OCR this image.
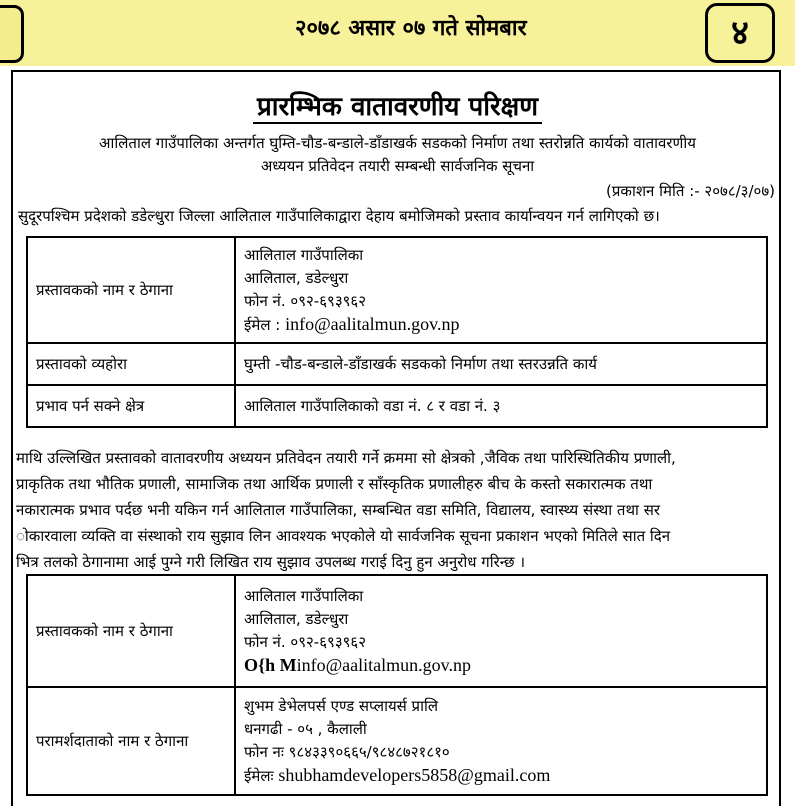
२०७८ असार ०७ गते सोमबार	४
प्रारम्भिक वातावरणीय परिक्षण
आलिताल गाउँपालिका अन्तर्गत घुम्ति-चौड-बन्डाले-डाँडाखर्क सडकको निर्माण तथा स्तरोन्नति कार्यको वातावरणीय
अध्ययन प्रतिवेदन तयारी सम्बन्धी सार्वजनिक सूचना
(प्रकाशन मिति :- २०७८/३/०७)
सुदूरपश्चिम प्रदेशको डडेल्धुरा जिल्ला आलिताल गाउँपालिकाद्वारा देहाय बमोजिमको प्रस्ताव कार्यान्वयन गर्न लागिएको छ।
प्रस्तावकको नाम र ठेगाना	आलिताल गाउँपालिका
आलिताल, डडेल्धुरा
फोन नं. ०९२-६९३९६२
ईमेल : info@aalitalmun.gov.np

प्रस्तावको व्यहोरा	घुम्ती -चौड-बन्डाले-डाँडाखर्क सडकको निर्माण तथा स्तरउन्नति कार्य
प्रभाव पर्न सक्ने क्षेत्र	आलिताल गाउँपालिकाको वडा नं. ८ र वडा नं. ३
माथि उल्लिखित प्रस्तावको वातावरणीय अध्ययन प्रतिवेदन तयारी गर्ने क्रममा सो क्षेत्रको ,जैविक तथा पारिस्थितिकीय प्रणाली,
प्राकृतिक तथा भौतिक प्रणाली, सामाजिक तथा आर्थिक प्रणाली र साँस्कृतिक प्रणालीहरु बीच के कस्तो सकारात्मक तथा
नकारात्मक प्रभाव पर्दछ भनी यकिन गर्न आलिताल गाउँपालिका, सम्बन्धित वडा समिति, विद्यालय, स्वास्थ्य संस्था तथा सर
ोकारवाला व्यक्ति वा संस्थाको राय सुझाव लिन आवश्यक भएकोले यो सार्वजनिक सूचना प्रकाशन भएको मितिले सात दिन
भित्र तलको ठेगानामा आई पुग्ने गरी लिखित राय सुझाव उपलब्ध गराई दिनु हुन अनुरोध गरिन्छ ।
प्रस्तावकको नाम र ठेगाना	आलिताल गाउँपालिका
आलिताल, डडेल्धुरा
फोन नं. ०९२-६९३९६२
O{h Minfo@aalitalmun.gov.np

परामर्शदाताको नाम र ठेगाना	शुभम डेभेलपर्स एण्ड सप्लायर्स प्रालि
धनगढी - ०५ , कैलाली
फोन नः ९८४३३९०६६५/९८४८७२१८१०
ईमेलः shubhamdevelopers5858@gmail.com
